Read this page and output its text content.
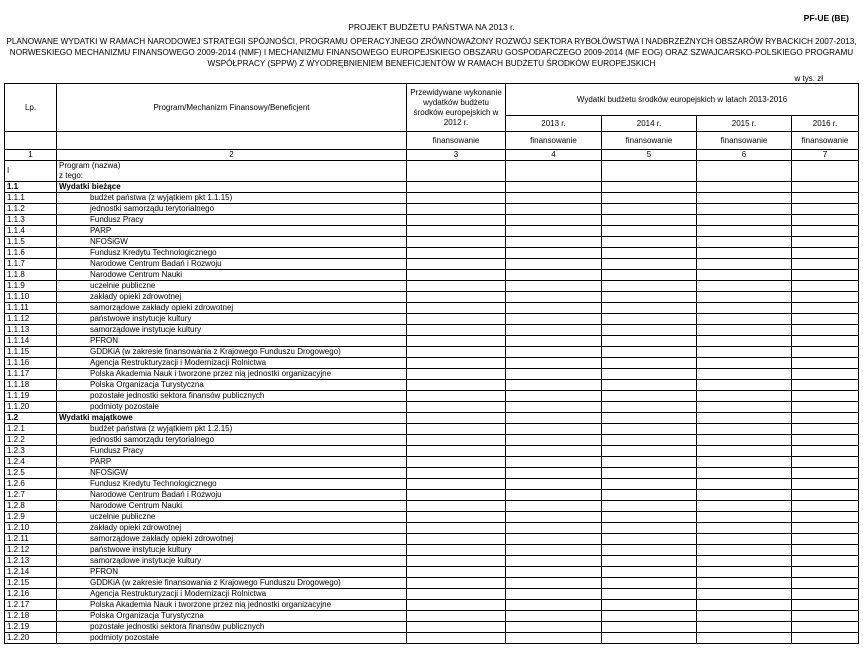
PF-UE (BE)
PROJEKT BUDŻETU PAŃSTWA NA 2013 r.
PLANOWANE WYDATKI W RAMACH NARODOWEJ STRATEGII SPÓJNOŚCI, PROGRAMU OPERACYJNEGO ZRÓWNOWAŻONY ROZWÓJ SEKTORA RYBOŁÓWSTWA I NADBRZEŻNYCH OBSZARÓW RYBACKICH 2007-2013, NORWESKIEGO MECHANIZMU FINANSOWEGO 2009-2014 (NMF) I MECHANIZMU FINANSOWEGO EUROPEJSKIEGO OBSZARU GOSPODARCZEGO 2009-2014 (MF EOG) ORAZ SZWAJCARSKO-POLSKIEGO PROGRAMU WSPÓŁPRACY (SPPW) Z WYODRĘBNIENIEM BENEFICJENTÓW W RAMACH BUDŻETU ŚRODKÓW EUROPEJSKICH
w tys. zł
Lp.	Program/Mechanizm Finansowy/Beneficjent	Przewidywane wykonanie wydatków budżetu środków europejskich w 2012 r.	Wydatki budżetu środków europejskich w latach 2013-2016			
			2013 r.	2014 r.	2015 r.	2016 r.
		finansowanie	finansowanie	finansowanie	finansowanie	finansowanie
1	2	3	4	5	6	7
I	Program (nazwa)
z tego:					

1.1	Wydatki bieżące					
1.1.1	budżet państwa (z wyjątkiem pkt 1.1.15)					
1.1.2	jednostki samorządu terytorialnego					
1.1.3	Fundusz Pracy					
1.1.4	PARP					
1.1.5	NFOŚiGW					
1.1.6	Fundusz Kredytu Technologicznego					
1.1.7	Narodowe Centrum Badań i Rozwoju					
1.1.8	Narodowe Centrum Nauki					
1.1.9	uczelnie publiczne					
1.1.10	zakłady opieki zdrowotnej					
1.1.11	samorządowe zakłady opieki zdrowotnej					
1.1.12	państwowe instytucje kultury					
1.1.13	samorządowe instytucje kultury					
1.1.14	PFRON					
1.1.15	GDDKiA (w zakresie finansowania z Krajowego Funduszu Drogowego)					
1.1.16	Agencja Restrukturyzacji i Modernizacji Rolnictwa					
1.1.17	Polska Akademia Nauk i tworzone przez nią jednostki organizacyjne					
1.1.18	Polska Organizacja Turystyczna					
1.1.19	pozostałe jednostki sektora finansów publicznych					
1.1.20	podmioty pozostałe					
1.2	Wydatki majątkowe					
1.2.1	budżet państwa (z wyjątkiem pkt 1.2.15)					
1.2.2	jednostki samorządu terytorialnego					
1.2.3	Fundusz Pracy					
1.2.4	PARP					
1.2.5	NFOŚiGW					
1.2.6	Fundusz Kredytu Technologicznego					
1.2.7	Narodowe Centrum Badań i Rozwoju					
1.2.8	Narodowe Centrum Nauki					
1.2.9	uczelnie publiczne					
1.2.10	zakłady opieki zdrowotnej					
1.2.11	samorządowe zakłady opieki zdrowotnej					
1.2.12	państwowe instytucje kultury					
1.2.13	samorządowe instytucje kultury					
1.2.14	PFRON					
1.2.15	GDDKiA (w zakresie finansowania z Krajowego Funduszu Drogowego)					
1.2.16	Agencja Restrukturyzacji i Modernizacji Rolnictwa					
1.2.17	Polska Akademia Nauk i tworzone przez nią jednostki organizacyjne					
1.2.18	Polska Organizacja Turystyczna					
1.2.19	pozostałe jednostki sektora finansów publicznych					
1.2.20	podmioty pozostałe					
